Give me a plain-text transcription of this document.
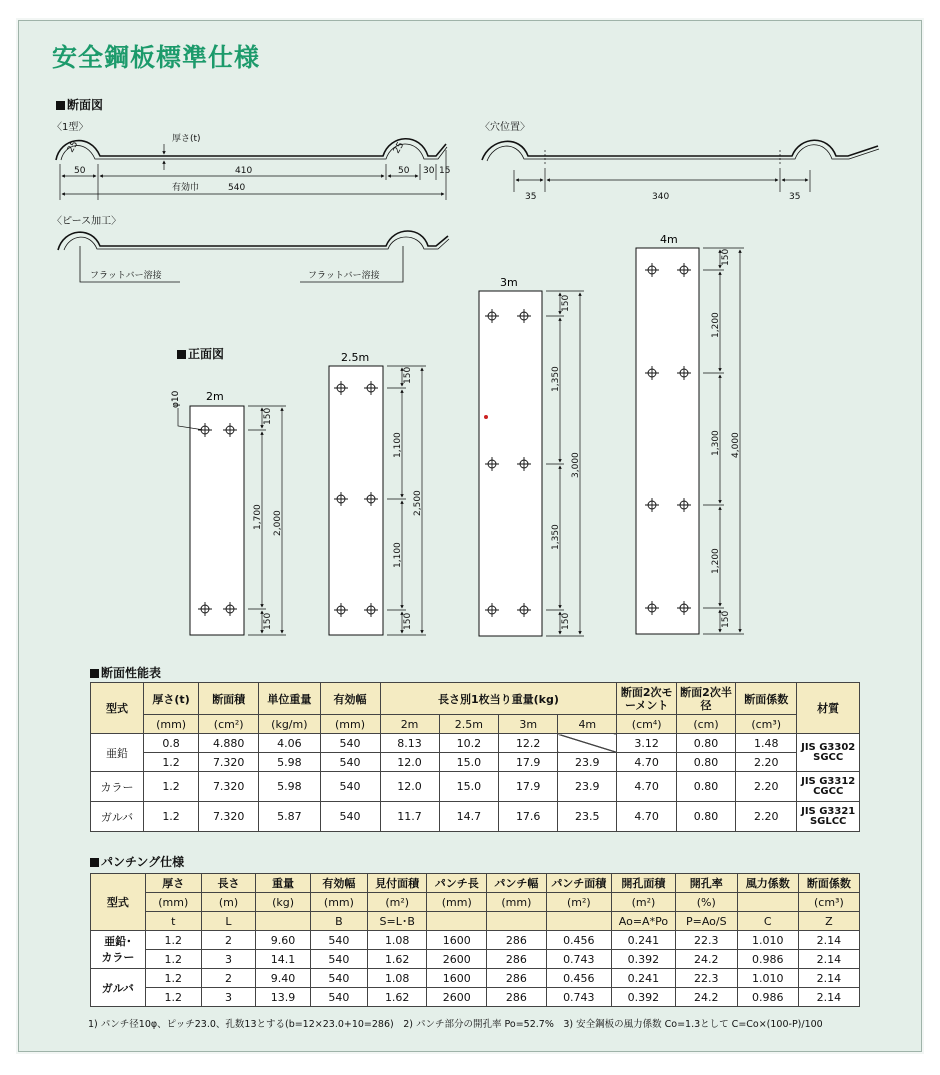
安全鋼板標準仕様
断面図
〈1型〉	〈穴位置〉
〈ピース加工〉
正面図
厚さ(t)
25	25
50	410	50 30 15
有効巾	540
35	340	35
フラットバー溶接	フラットバー溶接
2m
φ10
150
1,700
150
2,000
2.5m
150
1,100
1,100
150
2,500
3m
150
1,350
1,350
150
3,000
4m
150
1,200
1,300
1,200
150
4,000
断面性能表
型式	厚さ(t)	断面積	単位重量	有効幅	長さ別1枚当り重量(kg)				断面2次モーメント	断面2次半径	断面係数	材質
	(mm)	(cm²)	(kg/m)	(mm)	2m	2.5m	3m	4m	(cm⁴)	(cm)	(cm³)	
亜鉛	0.8	4.880	4.06	540	8.13	10.2	12.2		3.12	0.80	1.48	JIS G3302
SGCC
	1.2	7.320	5.98	540	12.0	15.0	17.9	23.9	4.70	0.80	2.20	
カラー	1.2	7.320	5.98	540	12.0	15.0	17.9	23.9	4.70	0.80	2.20	JIS G3312
CGCC
ガルバ	1.2	7.320	5.87	540	11.7	14.7	17.6	23.5	4.70	0.80	2.20	JIS G3321
SGLCC
パンチング仕様
型式	厚さ	長さ	重量	有効幅	見付面積	パンチ長	パンチ幅	パンチ面積	開孔面積	開孔率	風力係数	断面係数
	(mm)	(m)	(kg)	(mm)	(m²)	(mm)	(mm)	(m²)	(m²)	(%)		(cm³)
	t	L		B	S=L･B				Ao=A*Po	P=Ao/S	C	Z
亜鉛･
カラー	1.2	2	9.60	540	1.08	1600	286	0.456	0.241	22.3	1.010	2.14
	1.2	3	14.1	540	1.62	2600	286	0.743	0.392	24.2	0.986	2.14
ガルバ	1.2	2	9.40	540	1.08	1600	286	0.456	0.241	22.3	1.010	2.14
	1.2	3	13.9	540	1.62	2600	286	0.743	0.392	24.2	0.986	2.14
1) パンチ径10φ、ピッチ23.0、孔数13とする(b=12×23.0+10=286)　2) パンチ部分の開孔率 Po=52.7%　3) 安全鋼板の風力係数 Co=1.3として C=Co×(100-P)/100
